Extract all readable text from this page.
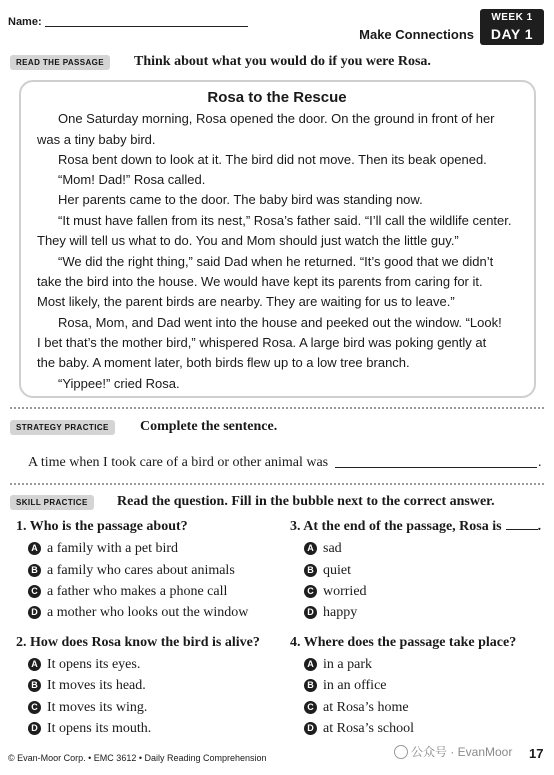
Name:
Make Connections
WEEK 1
DAY 1
READ THE PASSAGE	Think about what you would do if you were Rosa.
Rosa to the Rescue
One Saturday morning, Rosa opened the door. On the ground in front of her
was a tiny baby bird.
Rosa bent down to look at it. The bird did not move. Then its beak opened.
“Mom! Dad!” Rosa called.
Her parents came to the door. The baby bird was standing now.
“It must have fallen from its nest,” Rosa’s father said. “I’ll call the wildlife center.
They will tell us what to do. You and Mom should just watch the little guy.”
“We did the right thing,” said Dad when he returned. “It’s good that we didn’t
take the bird into the house. We would have kept its parents from caring for it.
Most likely, the parent birds are nearby. They are waiting for us to leave.”
Rosa, Mom, and Dad went into the house and peeked out the window. “Look!
I bet that’s the mother bird,” whispered Rosa. A large bird was poking gently at
the baby. A moment later, both birds flew up to a low tree branch.
“Yippee!” cried Rosa.
STRATEGY PRACTICE	Complete the sentence.
A time when I took care of a bird or other animal was	.
SKILL PRACTICE	Read the question. Fill in the bubble next to the correct answer.
1. Who is the passage about?
A a family with a pet bird
B a family who cares about animals
C a father who makes a phone call
D a mother who looks out the window
2. How does Rosa know the bird is alive?
A It opens its eyes.
B It moves its head.
C It moves its wing.
D It opens its mouth.
3. At the end of the passage, Rosa is	.
A sad
B quiet
C worried
D happy
4. Where does the passage take place?
A in a park
B in an office
C at Rosa’s home
D at Rosa’s school
© Evan-Moor Corp. • EMC 3612 • Daily Reading Comprehension	公众号 · EvanMoor 17
